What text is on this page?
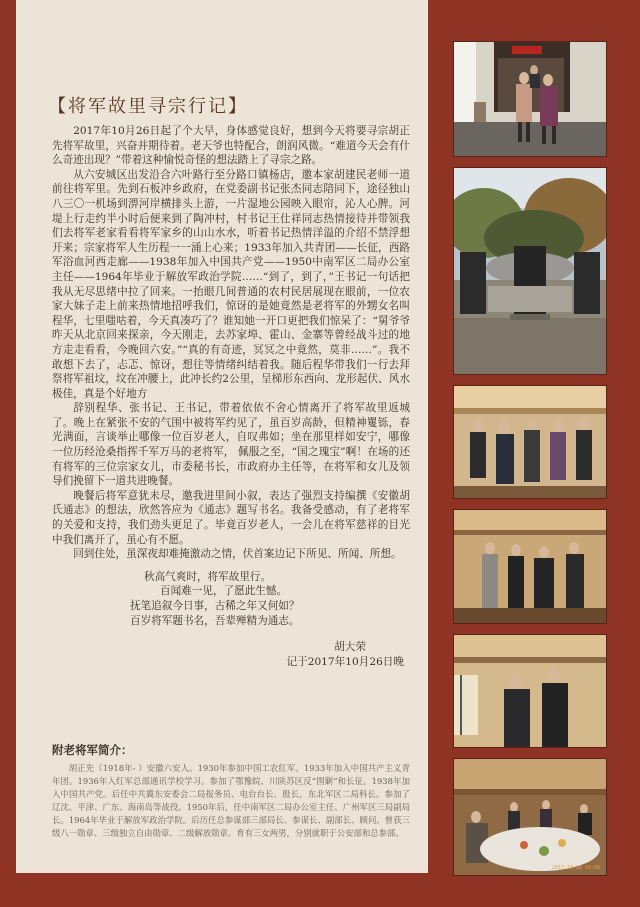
【将军故里寻宗行记】

2017年10月26日起了个大早，身体感觉良好，想到今天将要寻宗胡正先将军故里，兴奋并期待着。老天爷也特配合，朗润风微。“难道今天会有什么奇迹出现？”带着这种愉悦奇怪的想法踏上了寻宗之路。

从六安城区出发沿合六叶路行至分路口镇杨店，邀本家胡建民老师一道前往将军里。先到石板冲乡政府，在党委副书记张杰同志陪同下，途径独山八三〇一机场到淠河岸横排头上游，一片湿地公园映入眼帘，沁人心脾。河堤上行走约半小时后便来到了陶冲村，村书记王仕祥同志热情接待并带领我们去将军老家看看将军家乡的山山水水，听着书记热情洋溢的介绍不禁浮想开来；宗家将军人生历程一一涌上心来；1933年加入共青团——长征，西路军浴血河西走廊——1938年加入中国共产党——1950中南军区二局办公室主任——1964年毕业于解放军政治学院……“到了，到了，”王书记一句话把我从无尽思绪中拉了回来。一抬眼几间普通的农村民居展现在眼前，一位农家大妹子走上前来热情地招呼我们，惊讶的是她竟然是老将军的外甥女名叫程华，七里嗤咕着，今天真凑巧了？谁知她一开口更把我们惊呆了：“舅爷爷昨天从北京回来探亲，今天刚走，去苏家埠、霍山、金寨等曾经战斗过的地方走走看看，今晚回六安。”“真的有奇迹，冥冥之中竟然，莫非……”。我不敢想下去了，忐忑、惊讶，想往等情绪纠结着我。随后程华带我们一行去拜祭将军祖坟，坟在冲腰上，此冲长约2公里，呈梯形东西向、龙形起伏、风水极佳，真是个好地方

辞别程华、张书记、王书记，带着依依不舍心情离开了将军故里返城了。晚上在紧张不安的气围中被将军约见了，虽百岁高龄，但精神矍铄，春光满面，言谈举止哪像一位百岁老人，自叹弗如；坐在那里样如安宁，哪像一位历经沧桑指挥千军万马的老将军， 佩服之至，“国之瑰宝”啊！在场的还有将军的三位宗家女儿，市委秘书长，市政府办主任等，在将军和女儿及领导们挽留下一道共进晚餐。

晚餐后将军意犹未尽，邀我进里间小叙，表达了强烈支持编撰《安徽胡氏通志》的想法，欣然答应为《通志》题写书名。我备受感动，有了老将军的关爱和支持，我们劲头更足了。毕竟百岁老人，一会儿在将军慈祥的目光中我们离开了，虽心有不愿。

回到住处，虽深夜却难掩激动之情，伏首案边记下所见、所闻、所想。

秋高气爽时，将军故里行。
百闻难一见，了愿此生憾。
抚笔追叙今日事，古稀之年又何如？
百岁将军题书名，吾辈殚精为通志。
胡大荣
记于2017年10月26日晚
附老将军简介：
胡正先（1918年- ）安徽六安人。1930年参加中国工农红军。1933年加入中国共产主义青年团。1936年入红军总部通讯学校学习。参加了鄂豫皖、川陕苏区反“围剿”和长征。1938年加入中国共产党。后任中共冀东安委会二局报务员、电台台长、股长，东北军区二局科长。参加了辽沈、平津、广东、海南岛等战役。1950年后，任中南军区二局办公室主任、广州军区三局副局长。1964年毕业于解放军政治学院。后历任总参谋部三部局长、参谋长、副部长、顾问。曾获三级八一勋章、三级独立自由勋章、二级解放勋章。育有三女两男，分别就职于公安部和总参部。
2017-10-26 19:06
